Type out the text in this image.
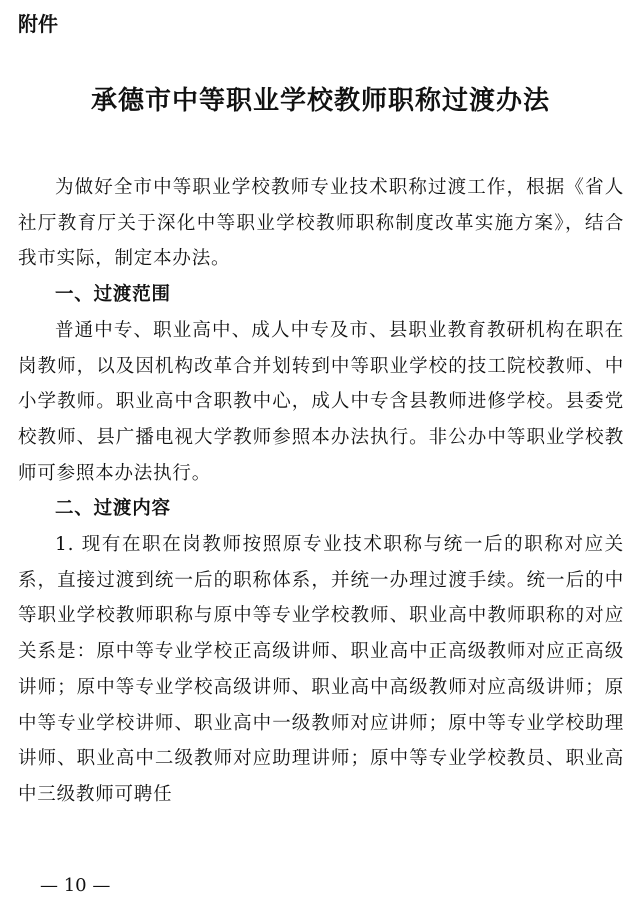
附件
承德市中等职业学校教师职称过渡办法

为做好全市中等职业学校教师专业技术职称过渡工作，根据《省人社厅教育厅关于深化中等职业学校教师职称制度改革实施方案》，结合我市实际，制定本办法。

一、过渡范围

普通中专、职业高中、成人中专及市、县职业教育教研机构在职在岗教师，以及因机构改革合并划转到中等职业学校的技工院校教师、中小学教师。职业高中含职教中心，成人中专含县教师进修学校。县委党校教师、县广播电视大学教师参照本办法执行。非公办中等职业学校教师可参照本办法执行。

二、过渡内容

1. 现有在职在岗教师按照原专业技术职称与统一后的职称对应关系，直接过渡到统一后的职称体系，并统一办理过渡手续。统一后的中等职业学校教师职称与原中等专业学校教师、职业高中教师职称的对应关系是：原中等专业学校正高级讲师、职业高中正高级教师对应正高级讲师；原中等专业学校高级讲师、职业高中高级教师对应高级讲师；原中等专业学校讲师、职业高中一级教师对应讲师；原中等专业学校助理讲师、职业高中二级教师对应助理讲师；原中等专业学校教员、职业高中三级教师可聘任

— 10 —
